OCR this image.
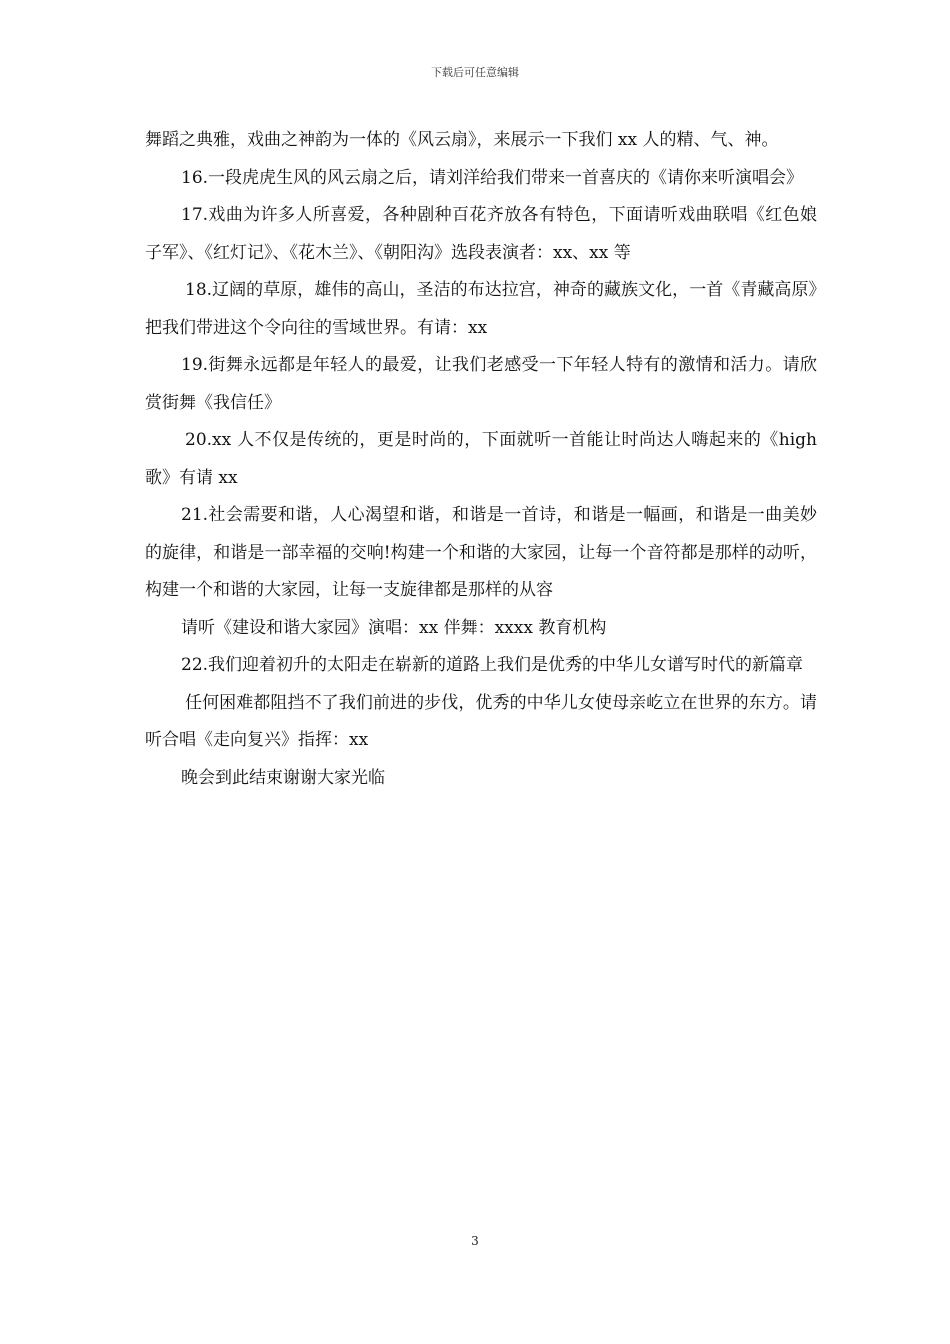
下载后可任意编辑

舞蹈之典雅，戏曲之神韵为一体的《风云扇》，来展示一下我们 xx 人的精、气、神。

16.一段虎虎生风的风云扇之后，请刘洋给我们带来一首喜庆的《请你来听演唱会》

17.戏曲为许多人所喜爱，各种剧种百花齐放各有特色，下面请听戏曲联唱《红色娘子军》、《红灯记》、《花木兰》、《朝阳沟》选段表演者：xx、xx 等

18.辽阔的草原，雄伟的高山，圣洁的布达拉宫，神奇的藏族文化，一首《青藏高原》把我们带进这个令向往的雪域世界。有请：xx

19.街舞永远都是年轻人的最爱，让我们老感受一下年轻人特有的激情和活力。请欣赏街舞《我信任》

20.xx 人不仅是传统的，更是时尚的，下面就听一首能让时尚达人嗨起来的《high 歌》有请 xx

21.社会需要和谐，人心渴望和谐，和谐是一首诗，和谐是一幅画，和谐是一曲美妙的旋律，和谐是一部幸福的交响!构建一个和谐的大家园，让每一个音符都是那样的动听，构建一个和谐的大家园，让每一支旋律都是那样的从容

请听《建设和谐大家园》演唱：xx 伴舞：xxxx 教育机构

22.我们迎着初升的太阳走在崭新的道路上我们是优秀的中华儿女谱写时代的新篇章

任何困难都阻挡不了我们前进的步伐，优秀的中华儿女使母亲屹立在世界的东方。请听合唱《走向复兴》指挥：xx

晚会到此结束谢谢大家光临

3
